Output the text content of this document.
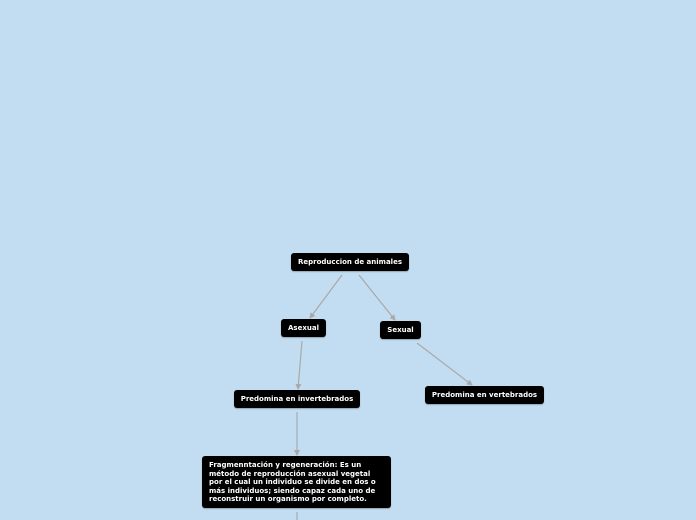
Reproduccion de animales
Asexual	Sexual
Predomina en invertebrados	Predomina en vertebrados
Fragmenntación y regeneración: Es un método de reproducción asexual vegetal por el cual un individuo se divide en dos o más individuos; siendo capaz cada uno de reconstruir un organismo por completo.
